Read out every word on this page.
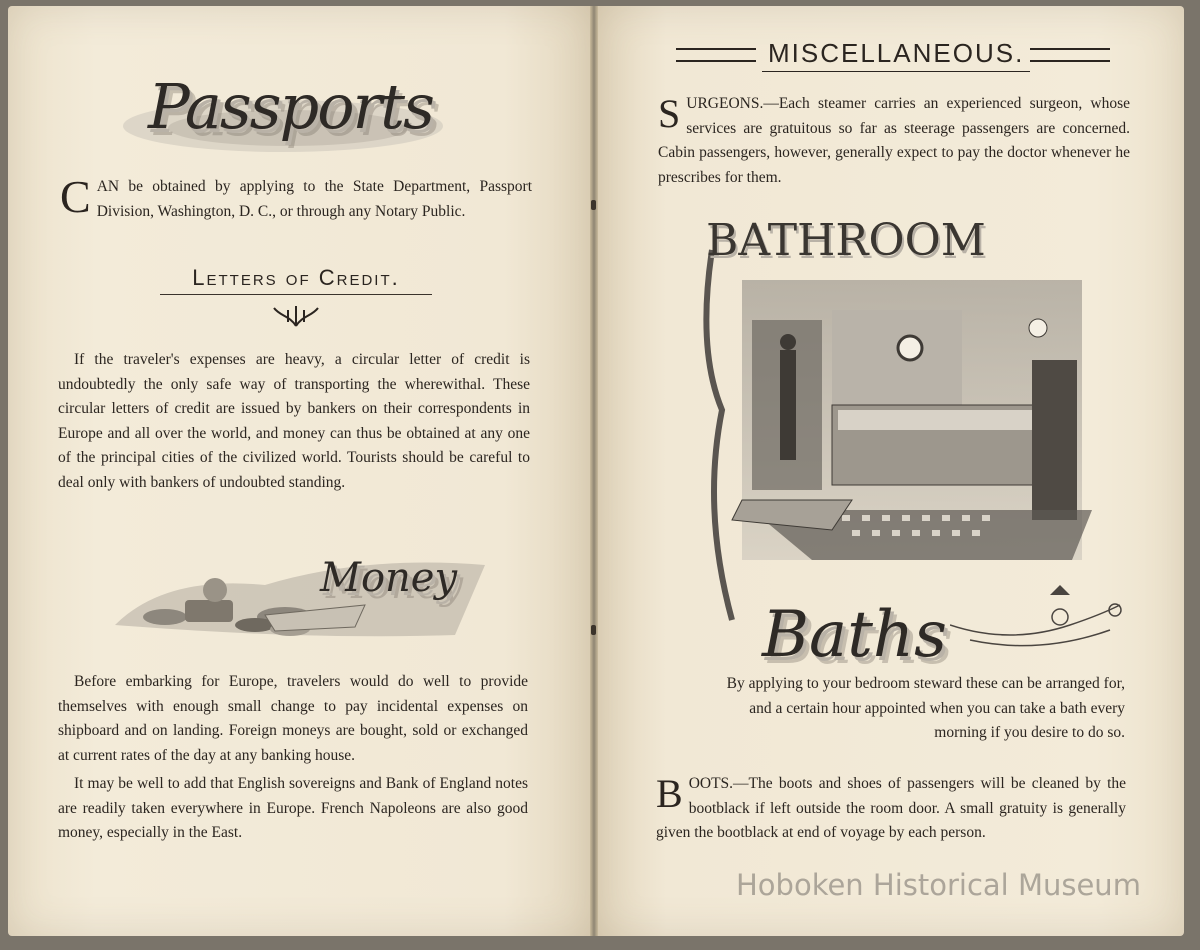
Passports
C AN be obtained by applying to the State Department, Passport Division, Washington, D. C., or through any Notary Public.
Letters of Credit.
If the traveler's expenses are heavy, a circular letter of credit is undoubtedly the only safe way of transporting the wherewithal. These circular letters of credit are issued by bankers on their correspondents in Europe and all over the world, and money can thus be obtained at any one of the principal cities of the civilized world. Tourists should be careful to deal only with bankers of undoubted standing.
Money

Before embarking for Europe, travelers would do well to provide themselves with enough small change to pay incidental expenses on shipboard and on landing. Foreign moneys are bought, sold or exchanged at current rates of the day at any banking house.

It may be well to add that English sovereigns and Bank of England notes are readily taken everywhere in Europe. French Napoleons are also good money, especially in the East.

MISCELLANEOUS.
S URGEONS.—Each steamer carries an experienced surgeon, whose services are gratuitous so far as steerage passengers are concerned. Cabin passengers, however, generally expect to pay the doctor whenever he prescribes for them.
BATHROOM
Baths
By applying to your bedroom steward these can be arranged for, and a certain hour appointed when you can take a bath every morning if you desire to do so.
B OOTS.—The boots and shoes of passengers will be cleaned by the bootblack if left outside the room door. A small gratuity is generally given the bootblack at end of voyage by each person.
Hoboken Historical Museum
